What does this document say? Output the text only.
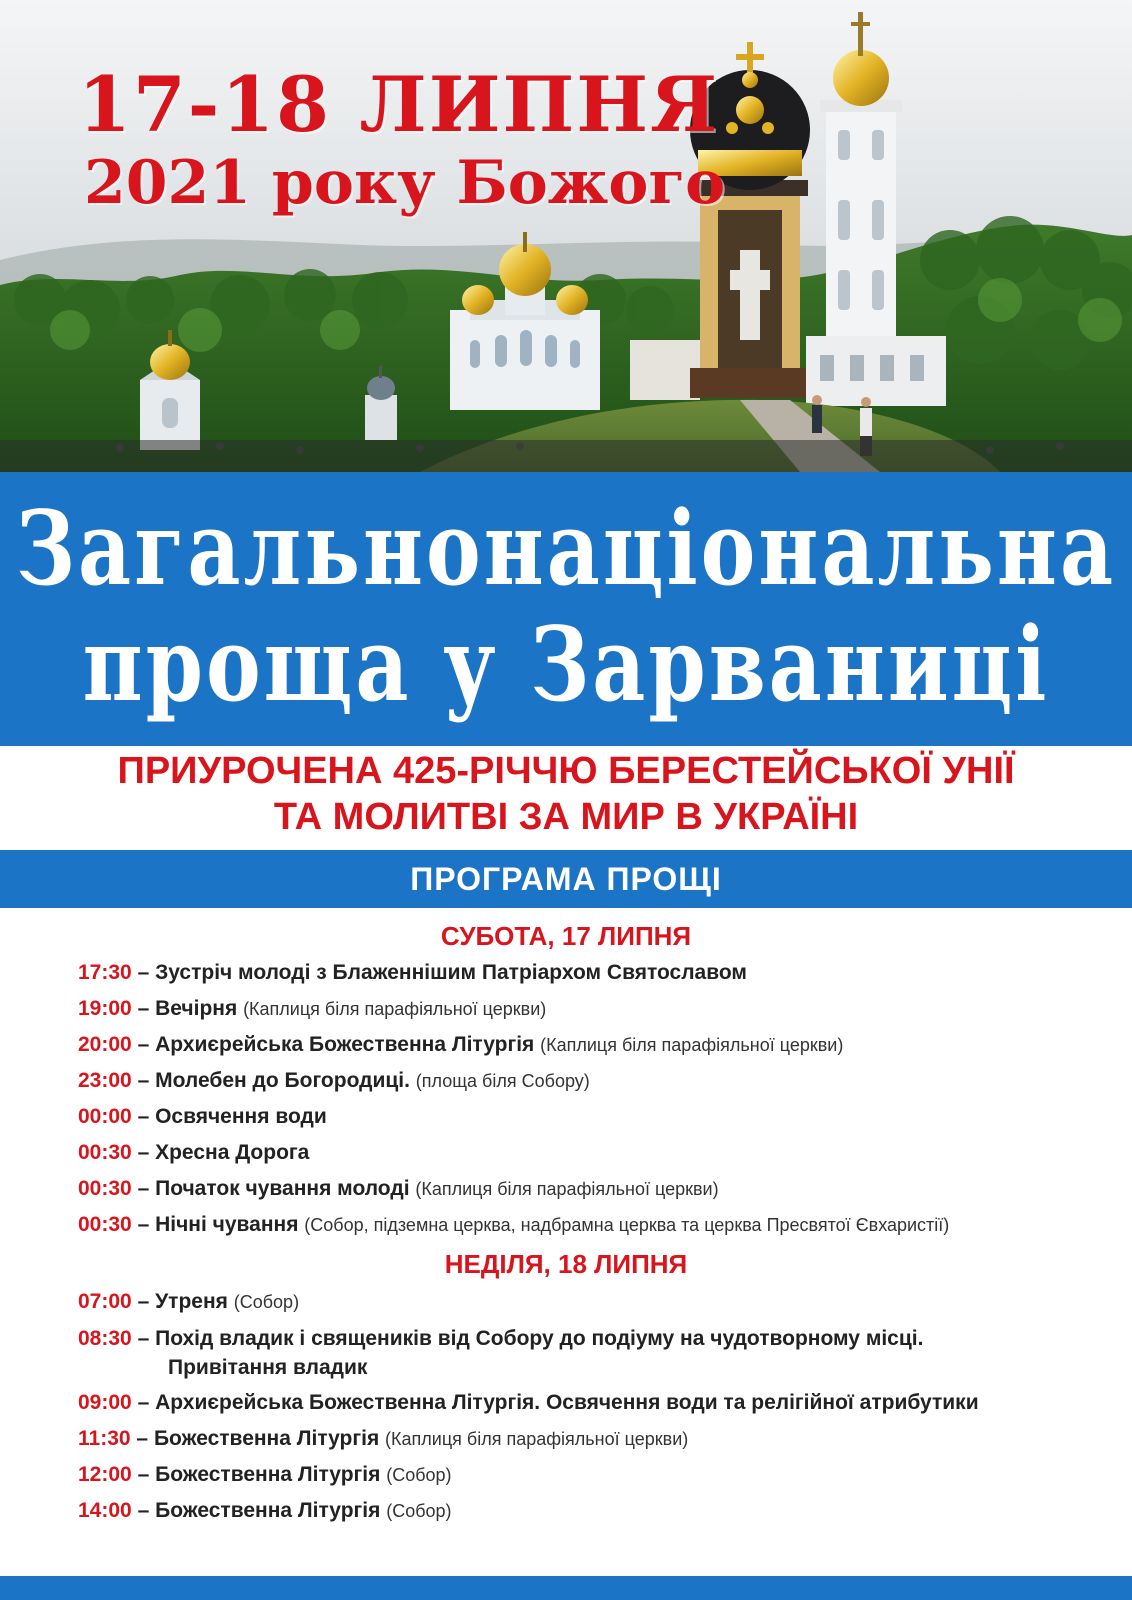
17-18 ЛИПНЯ
2021 року Божого
Загальнонаціональна
проща у Зарваниці
ПРИУРОЧЕНА 425-РІЧЧЮ БЕРЕСТЕЙСЬКОЇ УНІЇ
ТА МОЛИТВІ ЗА МИР В УКРАЇНІ
ПРОГРАМА ПРОЩІ
СУБОТА, 17 ЛИПНЯ
17:30 – Зустріч молоді з Блаженнішим Патріархом Святославом
19:00 – Вечірня (Каплиця біля парафіяльної церкви)
20:00 – Архиєрейська Божественна Літургія (Каплиця біля парафіяльної церкви)
23:00 – Молебен до Богородиці. (площа біля Собору)
00:00 – Освячення води
00:30 – Хресна Дорога
00:30 – Початок чування молоді (Каплиця біля парафіяльної церкви)
00:30 – Нічні чування (Собор, підземна церква, надбрамна церква та церква Пресвятої Євхаристії)
НЕДІЛЯ, 18 ЛИПНЯ
07:00 – Утреня (Собор)
08:30 – Похід владик і священиків від Собору до подіуму на чудотворному місці.
Привітання владик
09:00 – Архиєрейська Божественна Літургія. Освячення води та релігійної атрибутики
11:30 – Божественна Літургія (Каплиця біля парафіяльної церкви)
12:00 – Божественна Літургія (Собор)
14:00 – Божественна Літургія (Собор)
